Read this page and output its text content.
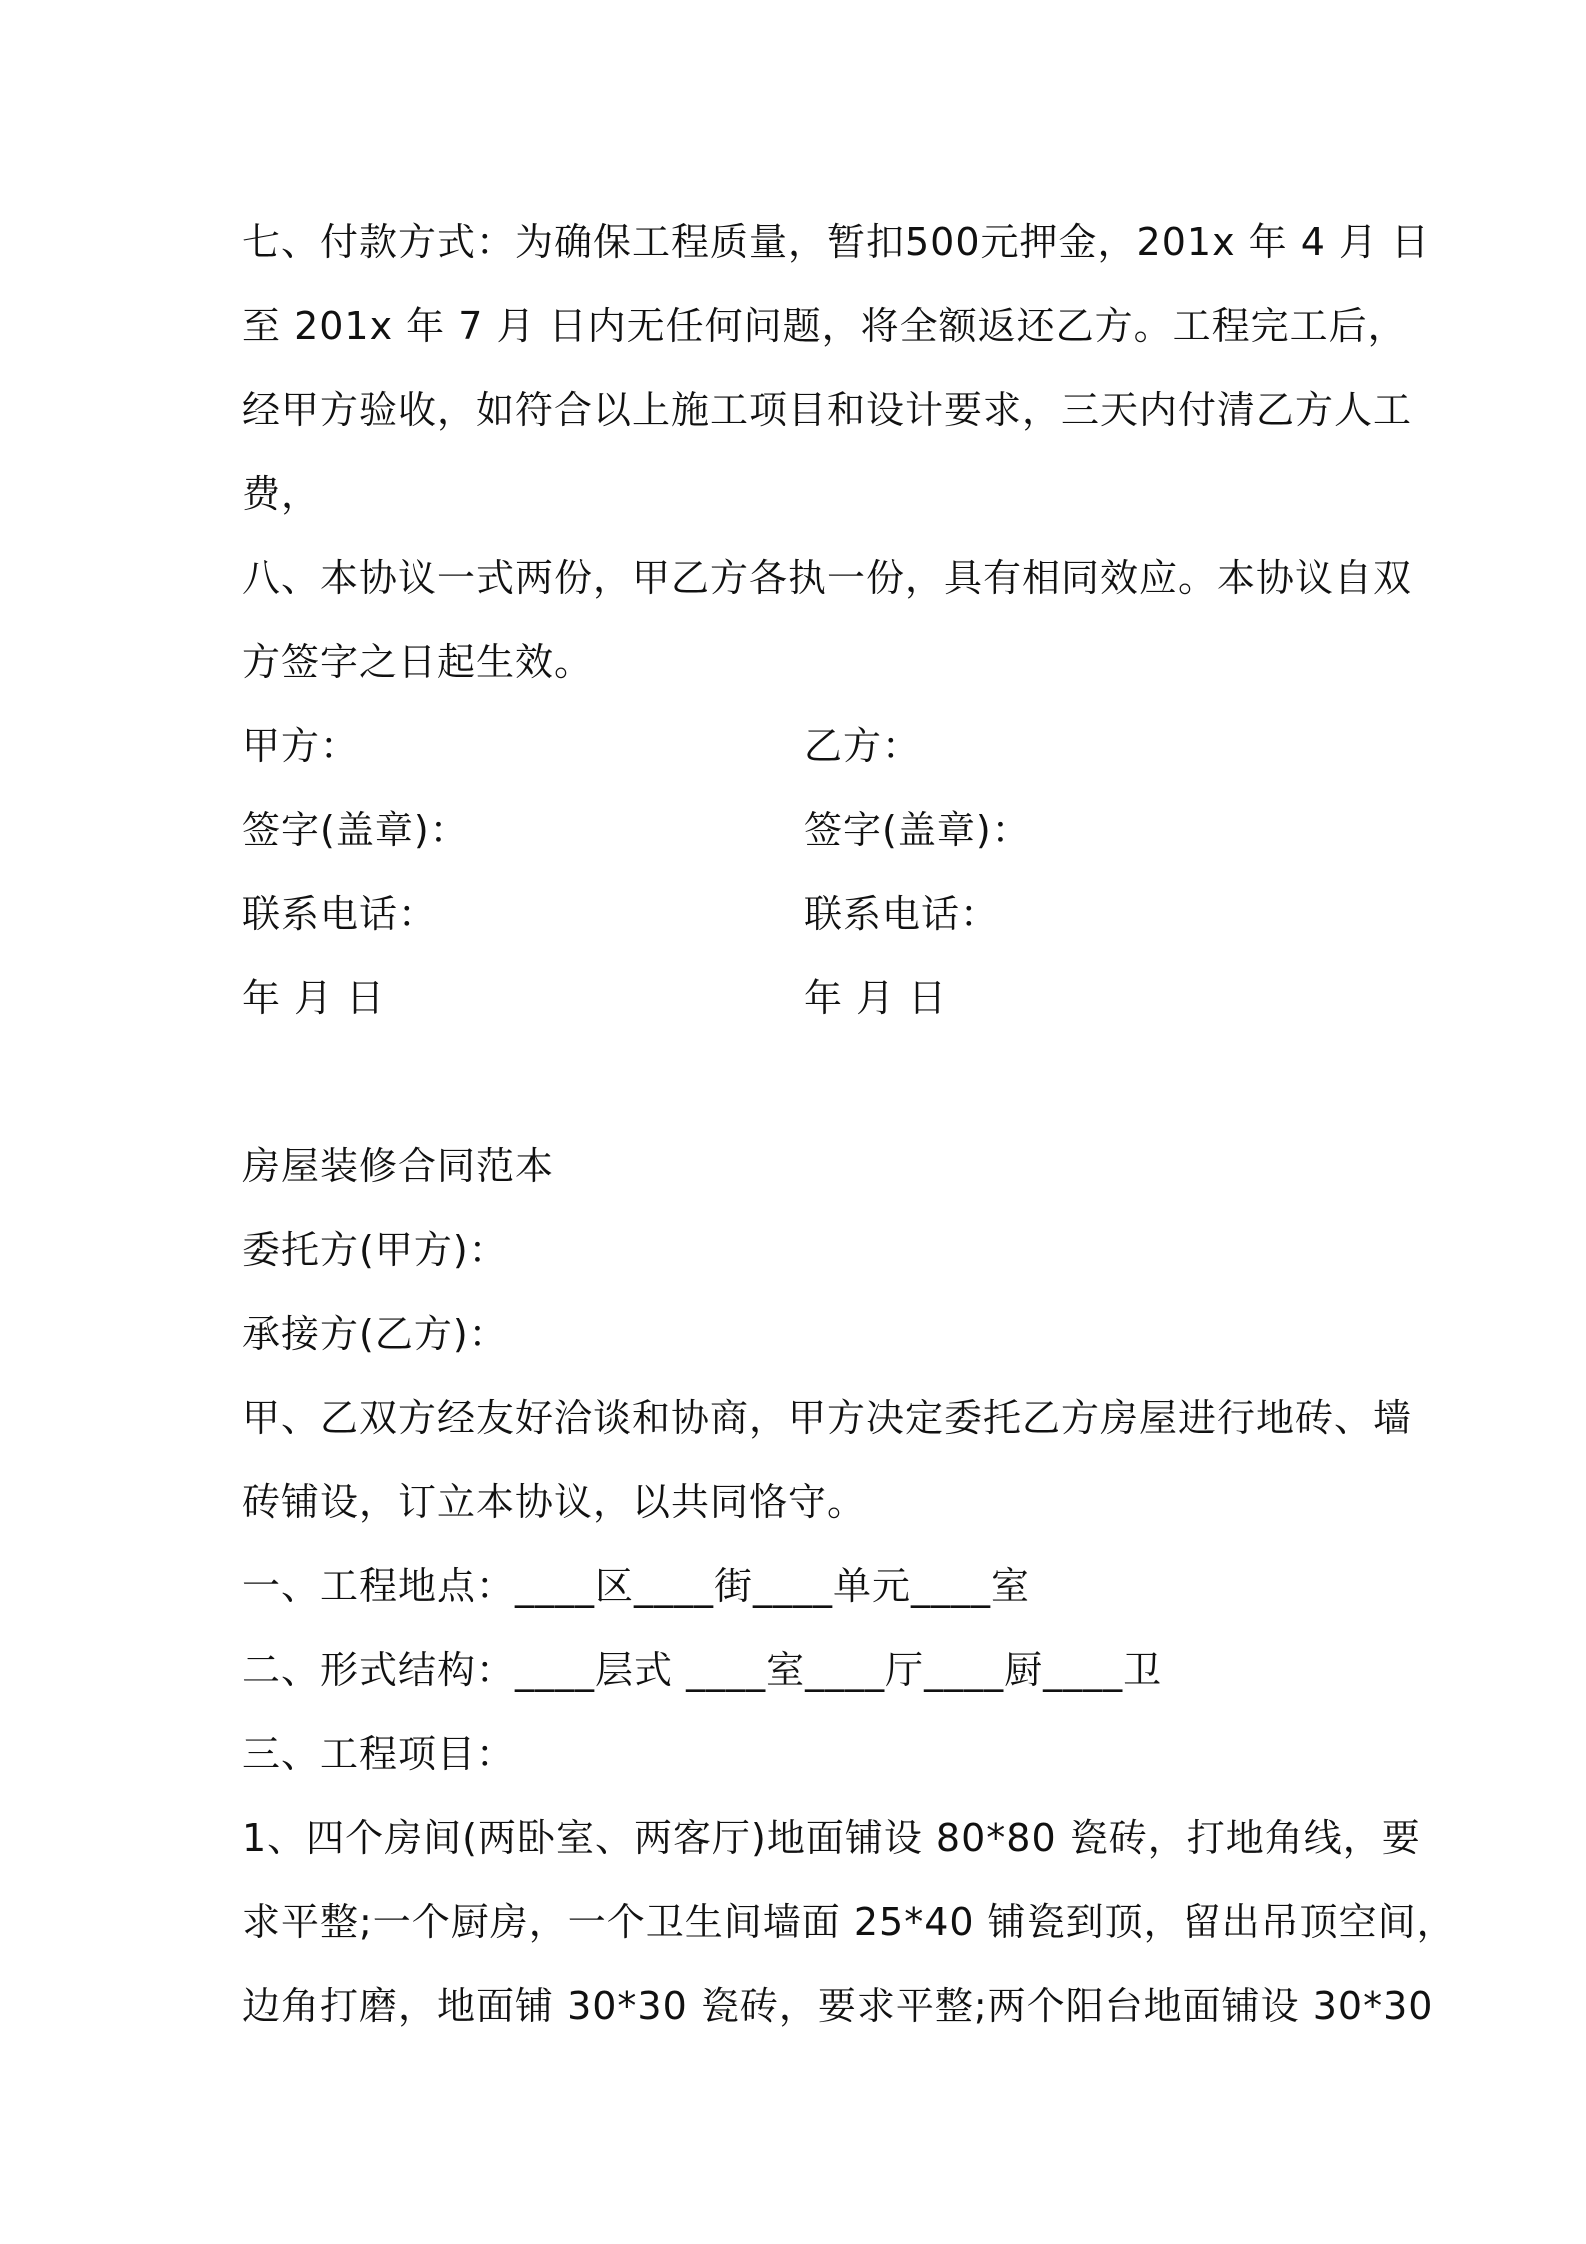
七、付款方式：为确保工程质量，暂扣500元押金，201x 年 4 月 日
至 201x 年 7 月 日内无任何问题，将全额返还乙方。工程完工后，
经甲方验收，如符合以上施工项目和设计要求，三天内付清乙方人工
费，
八、本协议一式两份，甲乙方各执一份，具有相同效应。本协议自双
方签字之日起生效。
甲方：	乙方：
签字(盖章)：	签字(盖章)：
联系电话：	联系电话：
年 月 日	年 月 日
房屋装修合同范本
委托方(甲方)：
承接方(乙方)：
甲、乙双方经友好洽谈和协商，甲方决定委托乙方房屋进行地砖、墙
砖铺设，订立本协议，以共同恪守。
一、工程地点：____区____街____单元____室
二、形式结构：____层式 ____室____厅____厨____卫
三、工程项目：
1、四个房间(两卧室、两客厅)地面铺设 80*80 瓷砖，打地角线，要
求平整;一个厨房，一个卫生间墙面 25*40 铺瓷到顶，留出吊顶空间，
边角打磨，地面铺 30*30 瓷砖，要求平整;两个阳台地面铺设 30*30
